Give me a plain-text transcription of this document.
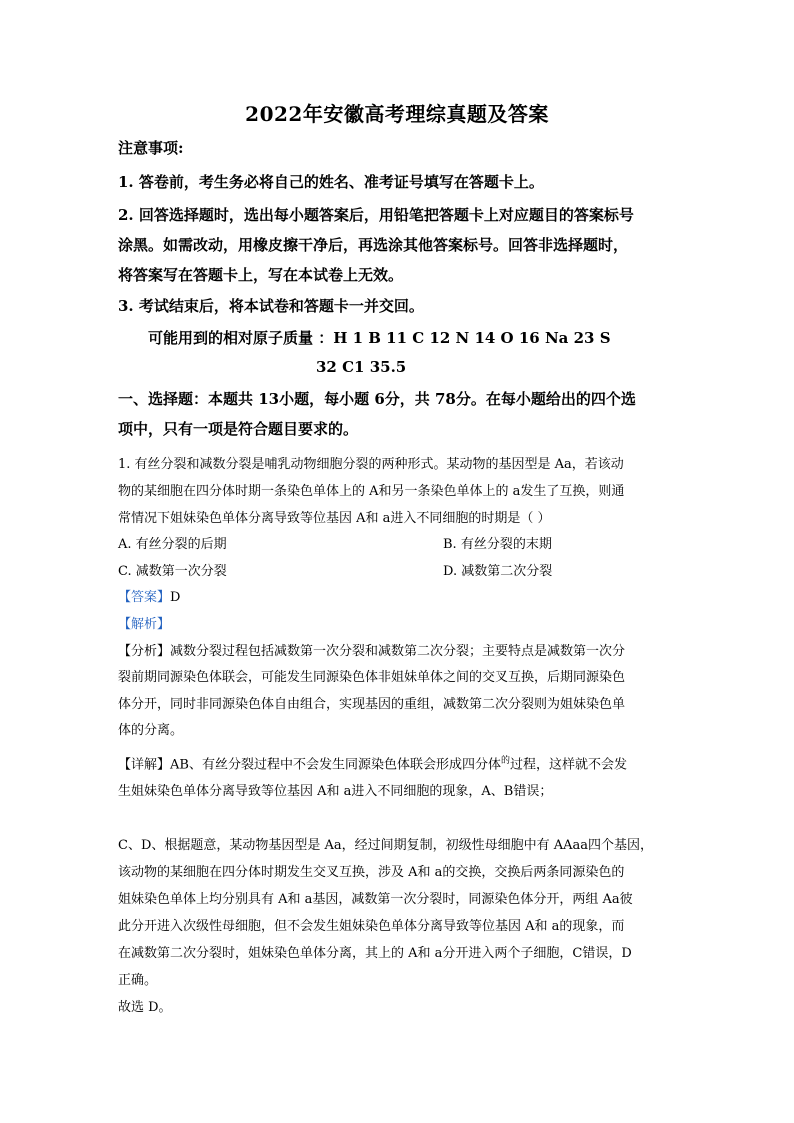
2022年安徽高考理综真题及答案
注意事项:
1. 答卷前，考生务必将自己的姓名、准考证号填写在答题卡上。
2. 回答选择题时，选出每小题答案后，用铅笔把答题卡上对应题目的答案标号
涂黑。如需改动，用橡皮擦干净后，再选涂其他答案标号。回答非选择题时，
将答案写在答题卡上，写在本试卷上无效。
3. 考试结束后，将本试卷和答题卡一并交回。
可能用到的相对原子质量 ：H 1 B 11 C 12 N 14 O 16 Na 23 S
32 C1 35.5
一、选择题：本题共 13小题，每小题 6分，共 78分。在每小题给出的四个选
项中，只有一项是符合题目要求的。
1. 有丝分裂和减数分裂是哺乳动物细胞分裂的两种形式。某动物的基因型是 Aa，若该动
物的某细胞在四分体时期一条染色单体上的 A和另一条染色单体上的 a发生了互换，则通
常情况下姐妹染色单体分离导致等位基因 A和 a进入不同细胞的时期是（ ）
A. 有丝分裂的后期	B. 有丝分裂的末期
C. 减数第一次分裂	D. 减数第二次分裂
【答案】D
【解析】
【分析】减数分裂过程包括减数第一次分裂和减数第二次分裂；主要特点是减数第一次分
裂前期同源染色体联会，可能发生同源染色体非姐妹单体之间的交叉互换，后期同源染色
体分开，同时非同源染色体自由组合，实现基因的重组，减数第二次分裂则为姐妹染色单
体的分离。
【详解】AB、有丝分裂过程中不会发生同源染色体联会形成四分体$^的$过程，这样就不会发
生姐妹染色单体分离导致等位基因 A和 a进入不同细胞的现象，A、B错误；
C、D、根据题意，某动物基因型是 Aa，经过间期复制，初级性母细胞中有 AAaa四个基因，
该动物的某细胞在四分体时期发生交叉互换，涉及 A和 a的交换，交换后两条同源染色的
姐妹染色单体上均分别具有 A和 a基因，减数第一次分裂时，同源染色体分开，两组 Aa彼
此分开进入次级性母细胞，但不会发生姐妹染色单体分离导致等位基因 A和 a的现象，而
在减数第二次分裂时，姐妹染色单体分离，其上的 A和 a分开进入两个子细胞，C错误，D
正确。
故选 D。
